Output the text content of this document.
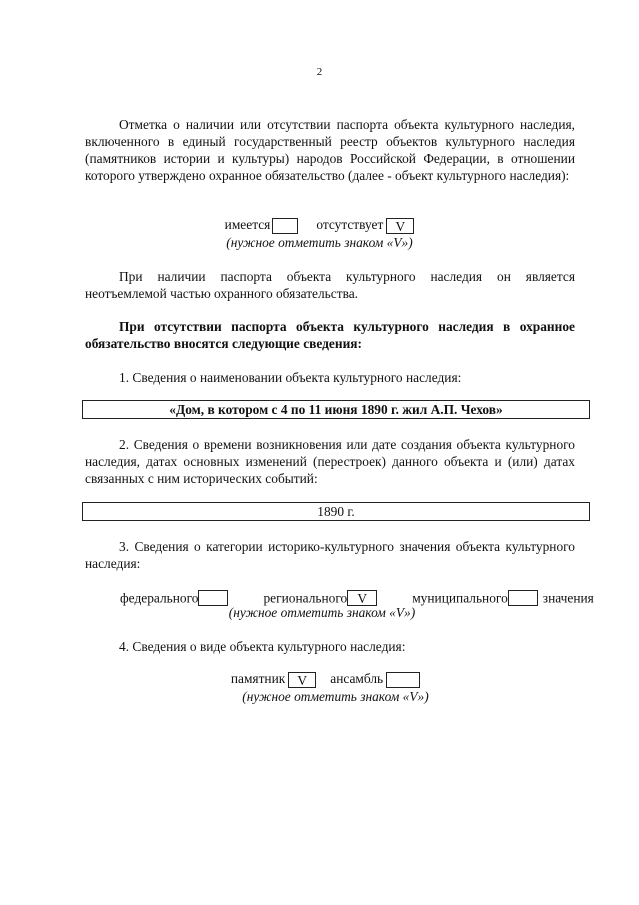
2
Отметка о наличии или отсутствии паспорта объекта культурного наследия, включенного в единый государственный реестр объектов культурного наследия (памятников истории и культуры) народов Российской Федерации, в отношении которого утверждено охранное обязательство (далее - объект культурного наследия):
имеется	отсутствует V
(нужное отметить знаком «V»)
При наличии паспорта объекта культурного наследия он является неотъемлемой частью охранного обязательства.
При отсутствии паспорта объекта культурного наследия в охранное обязательство вносятся следующие сведения:
1. Сведения о наименовании объекта культурного наследия:
«Дом, в котором с 4 по 11 июня 1890 г. жил А.П. Чехов»
2. Сведения о времени возникновения или дате создания объекта культурного наследия, датах основных изменений (перестроек) данного объекта и (или) датах связанных с ним исторических событий:
1890 г.
3. Сведения о категории историко-культурного значения объекта культурного наследия:
федерального	регионального V	муниципального	значения
(нужное отметить знаком «V»)
4. Сведения о виде объекта культурного наследия:
памятник V ансамбль
(нужное отметить знаком «V»)
